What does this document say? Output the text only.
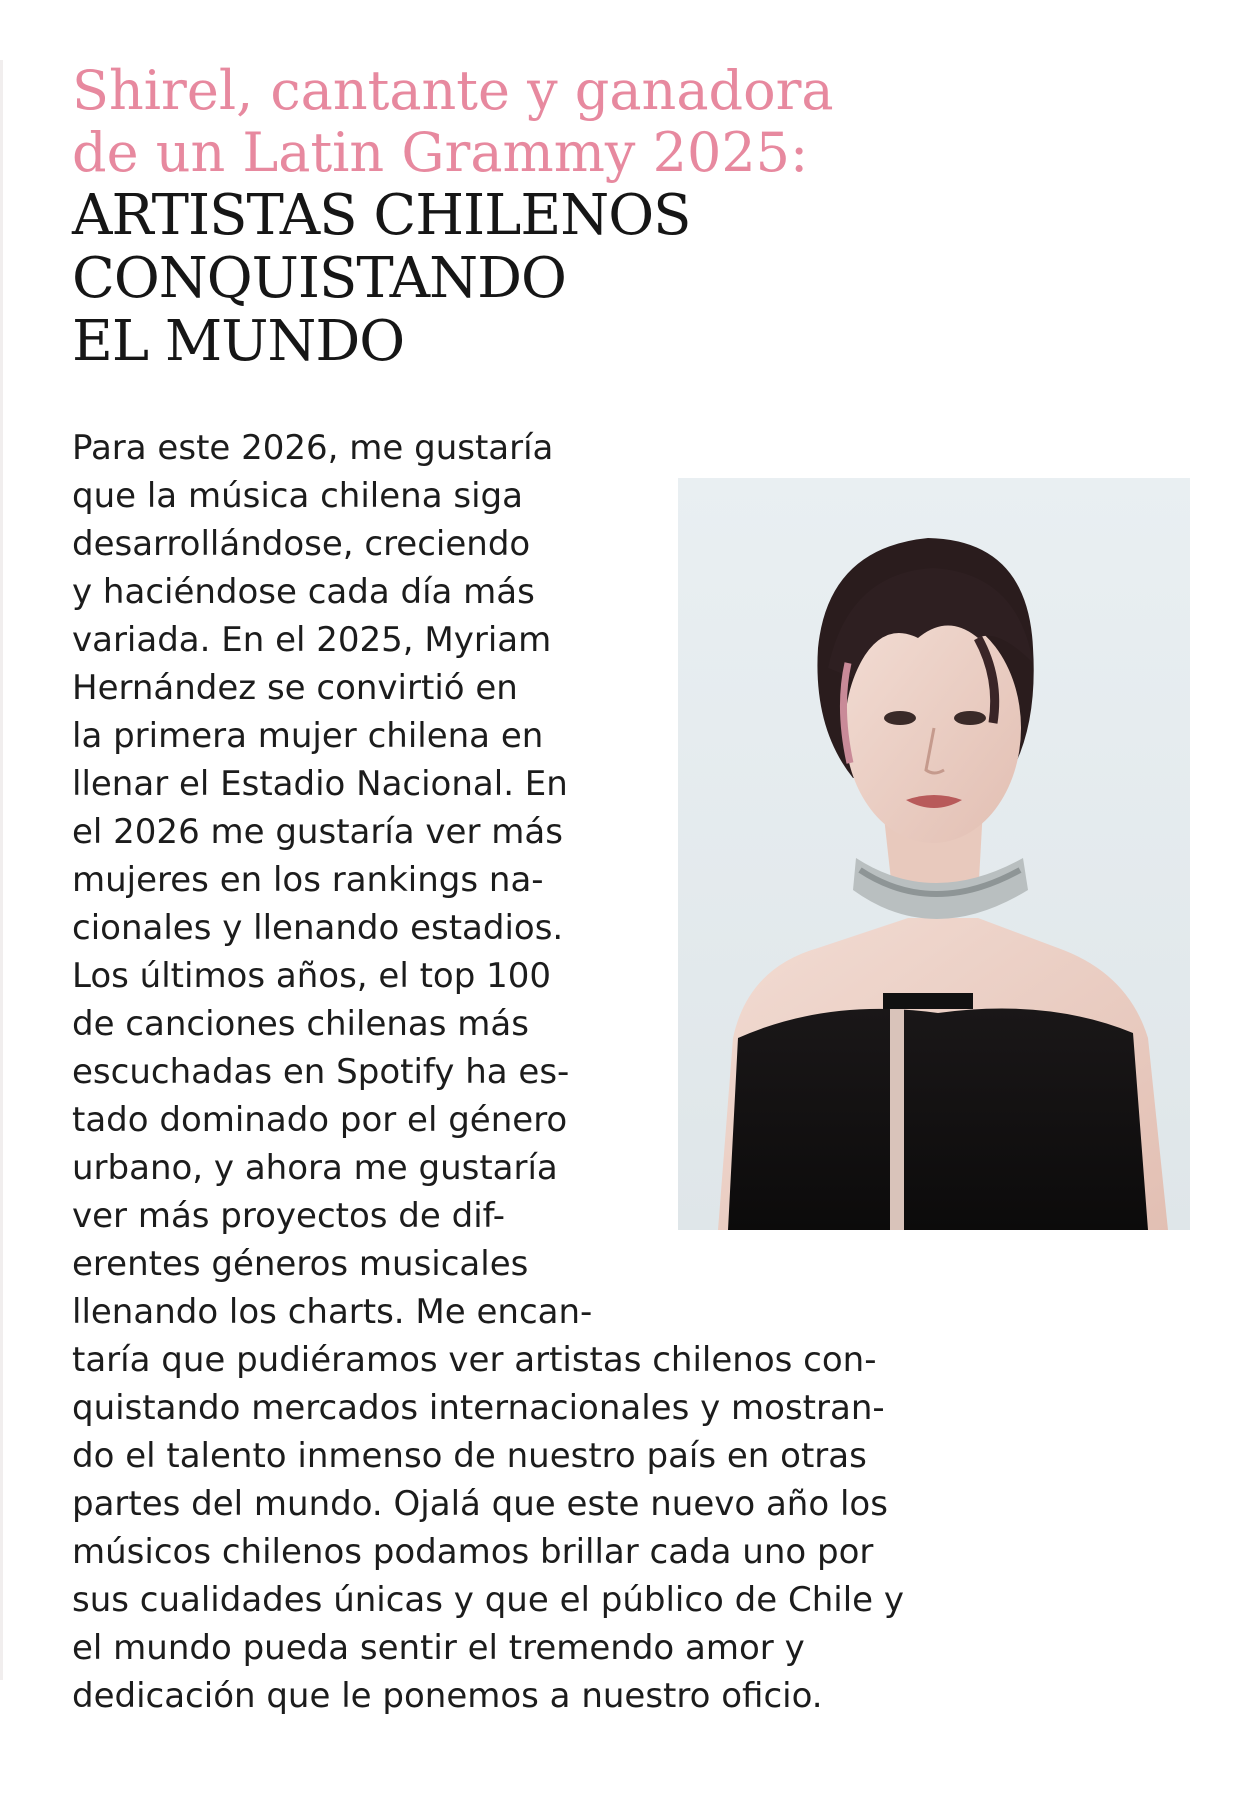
Shirel, cantante y ganadora
de un Latin Grammy 2025:
ARTISTAS CHILENOS
CONQUISTANDO
EL MUNDO
Para este 2026, me gustaría
que la música chilena siga
desarrollándose, creciendo
y haciéndose cada día más
variada. En el 2025, Myriam
Hernández se convirtió en
la primera mujer chilena en
llenar el Estadio Nacional. En
el 2026 me gustaría ver más
mujeres en los rankings na-
cionales y llenando estadios.
Los últimos años, el top 100
de canciones chilenas más
escuchadas en Spotify ha es-
tado dominado por el género
urbano, y ahora me gustaría
ver más proyectos de dif-
erentes géneros musicales
llenando los charts. Me encan-
taría que pudiéramos ver artistas chilenos con-
quistando mercados internacionales y mostran-
do el talento inmenso de nuestro país en otras
partes del mundo. Ojalá que este nuevo año los
músicos chilenos podamos brillar cada uno por
sus cualidades únicas y que el público de Chile y
el mundo pueda sentir el tremendo amor y
dedicación que le ponemos a nuestro oficio.
